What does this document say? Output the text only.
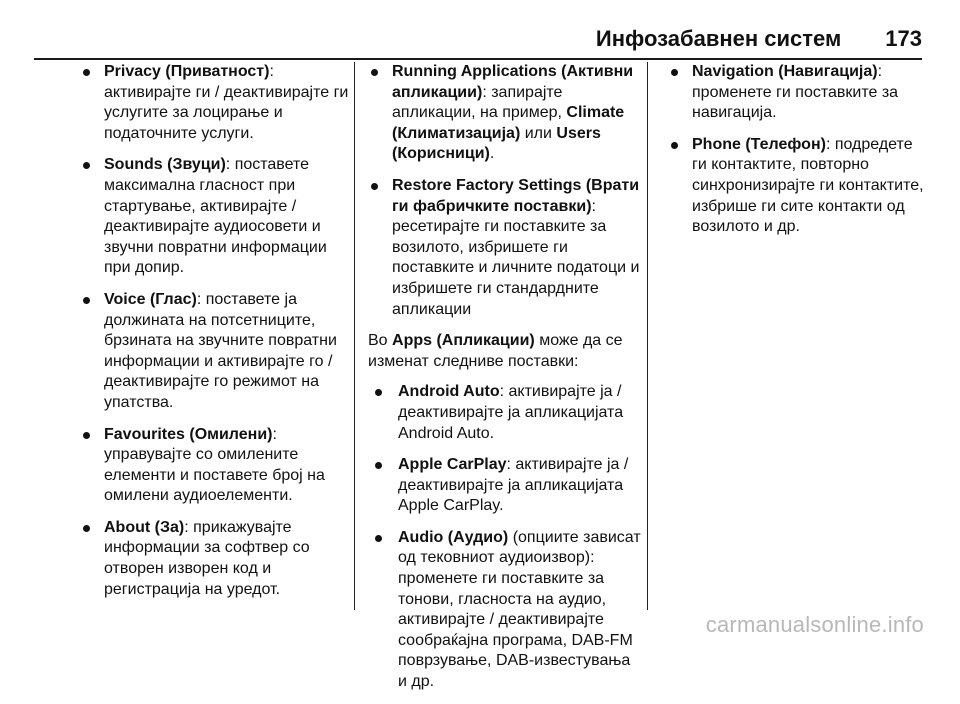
Инфозабавнен систем 173
Privacy (Приватност): активирајте ги / деактивирајте ги услугите за лоцирање и податочните услуги.
Sounds (Звуци): поставете максимална гласност при стартување, активирајте / деактивирајте аудиосовети и звучни повратни информации при допир.
Voice (Глас): поставете ја должината на потсетниците, брзината на звучните повратни информации и активирајте го / деактивирајте го режимот на упатства.
Favourites (Омилени): управувајте со омилените елементи и поставете број на омилени аудиоелементи.
About (За): прикажувајте информации за софтвер со отворен изворен код и регистрација на уредот.
Running Applications (Активни апликации): запирајте апликации, на пример, Climate (Климатизација) или Users (Корисници).
Restore Factory Settings (Врати ги фабричките поставки): ресетирајте ги поставките за возилото, избришете ги поставките и личните податоци и избришете ги стандардните апликации
Во Apps (Апликации) може да се изменат следниве поставки:
Android Auto: активирајте ја / деактивирајте ја апликацијата Android Auto.
Apple CarPlay: активирајте ја / деактивирајте ја апликацијата Apple CarPlay.
Audio (Аудио) (опциите зависат од тековниот аудиоизвор): променете ги поставките за тонови, гласноста на аудио, активирајте / деактивирајте сообраќајна програма, DAB-FM поврзување, DAB-известувања и др.
Navigation (Навигација): променете ги поставките за навигација.
Phone (Телефон): подредете ги контактите, повторно синхронизирајте ги контактите, избрише ги сите контакти од возилото и др.
carmanualsonline.info
